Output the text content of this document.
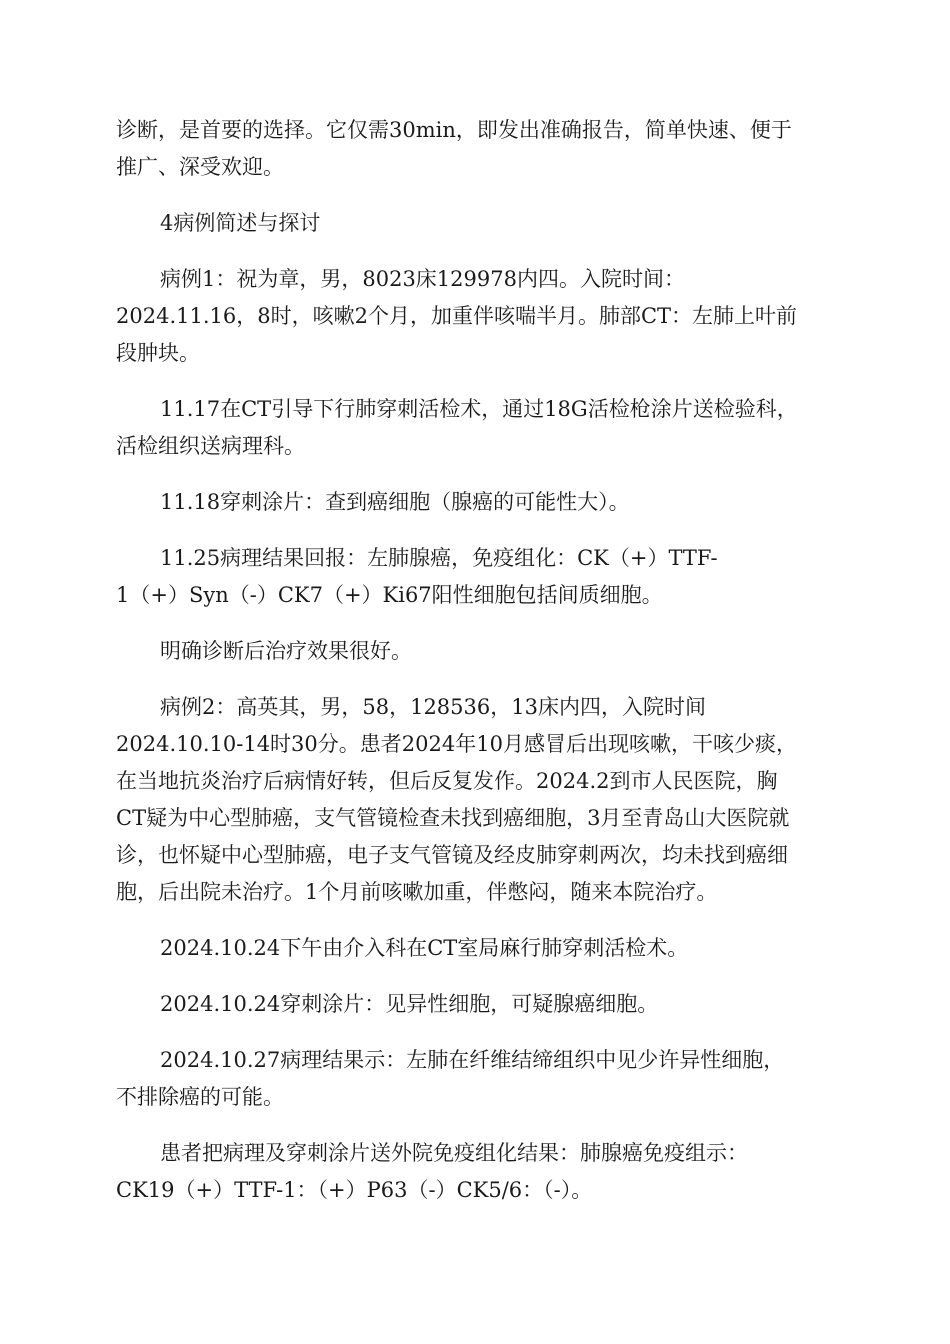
诊断，是首要的选择。它仅需30min，即发出准确报告，简单快速、便于
推广、深受欢迎。

4病例简述与探讨

病例1：祝为章，男，8023床129978内四。入院时间：
2024.11.16，8时，咳嗽2个月，加重伴咳喘半月。肺部CT：左肺上叶前
段肿块。

11.17在CT引导下行肺穿刺活检术，通过18G活检枪涂片送检验科，
活检组织送病理科。

11.18穿刺涂片：查到癌细胞（腺癌的可能性大）。

11.25病理结果回报：左肺腺癌，免疫组化：CK（+）TTF-
1（+）Syn（-）CK7（+）Ki67阳性细胞包括间质细胞。

明确诊断后治疗效果很好。

病例2：高英其，男，58，128536，13床内四，入院时间
2024.10.10-14时30分。患者2024年10月感冒后出现咳嗽，干咳少痰，
在当地抗炎治疗后病情好转，但后反复发作。2024.2到市人民医院，胸
CT疑为中心型肺癌，支气管镜检查未找到癌细胞，3月至青岛山大医院就
诊，也怀疑中心型肺癌，电子支气管镜及经皮肺穿刺两次，均未找到癌细
胞，后出院未治疗。1个月前咳嗽加重，伴憋闷，随来本院治疗。

2024.10.24下午由介入科在CT室局麻行肺穿刺活检术。

2024.10.24穿刺涂片：见异性细胞，可疑腺癌细胞。

2024.10.27病理结果示：左肺在纤维结缔组织中见少许异性细胞，
不排除癌的可能。

患者把病理及穿刺涂片送外院免疫组化结果：肺腺癌免疫组示：
CK19（+）TTF-1：（+）P63（-）CK5/6：（-）。
